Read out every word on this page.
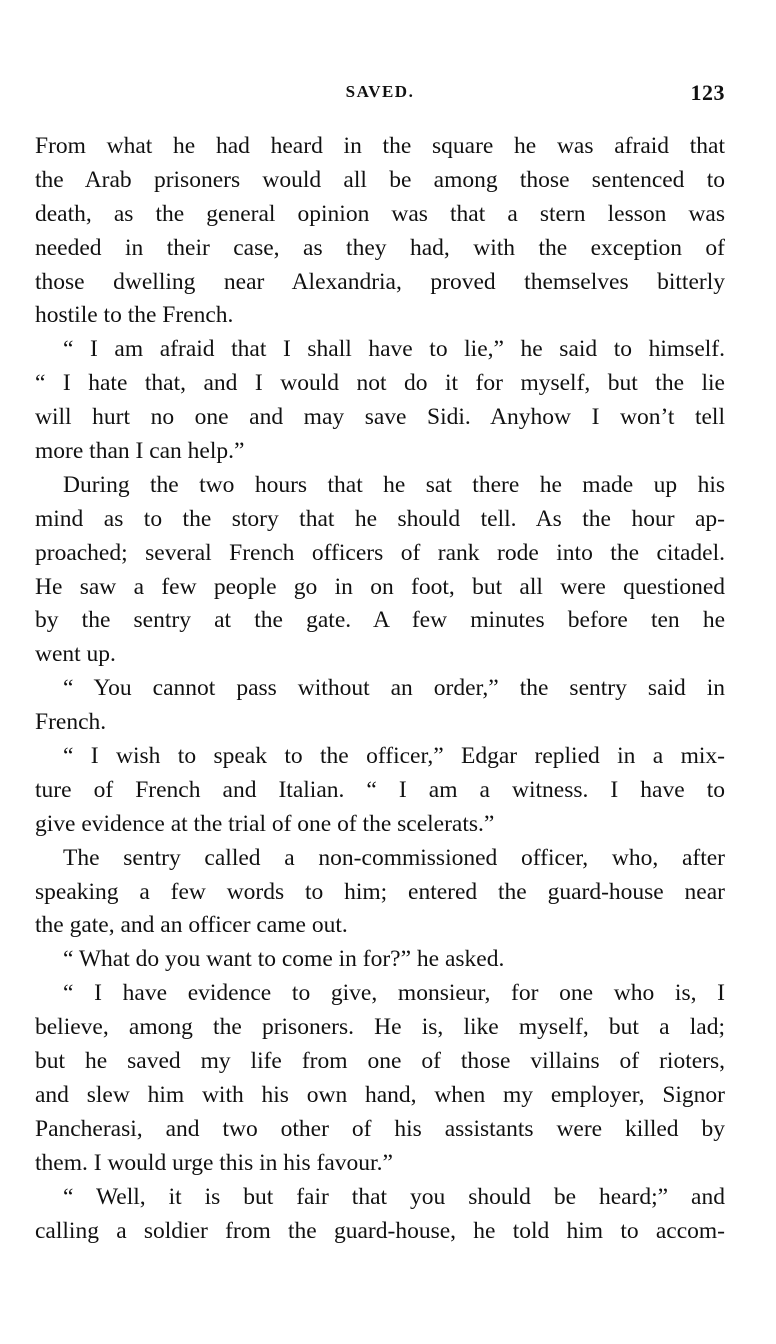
SAVED.	123
From what he had heard in the square he was afraid that
the Arab prisoners would all be among those sentenced to
death, as the general opinion was that a stern lesson was
needed in their case, as they had, with the exception of
those dwelling near Alexandria, proved themselves bitterly
hostile to the French.
“ I am afraid that I shall have to lie,” he said to himself.
“ I hate that, and I would not do it for myself, but the lie
will hurt no one and may save Sidi. Anyhow I won’t tell
more than I can help.”
During the two hours that he sat there he made up his
mind as to the story that he should tell. As the hour ap-
proached; several French officers of rank rode into the citadel.
He saw a few people go in on foot, but all were questioned
by the sentry at the gate. A few minutes before ten he
went up.
“ You cannot pass without an order,” the sentry said in
French.
“ I wish to speak to the officer,” Edgar replied in a mix-
ture of French and Italian. “ I am a witness. I have to
give evidence at the trial of one of the scelerats.”
The sentry called a non-commissioned officer, who, after
speaking a few words to him; entered the guard-house near
the gate, and an officer came out.
“ What do you want to come in for?” he asked.
“ I have evidence to give, monsieur, for one who is, I
believe, among the prisoners. He is, like myself, but a lad;
but he saved my life from one of those villains of rioters,
and slew him with his own hand, when my employer, Signor
Pancherasi, and two other of his assistants were killed by
them. I would urge this in his favour.”
“ Well, it is but fair that you should be heard;” and
calling a soldier from the guard-house, he told him to accom-
